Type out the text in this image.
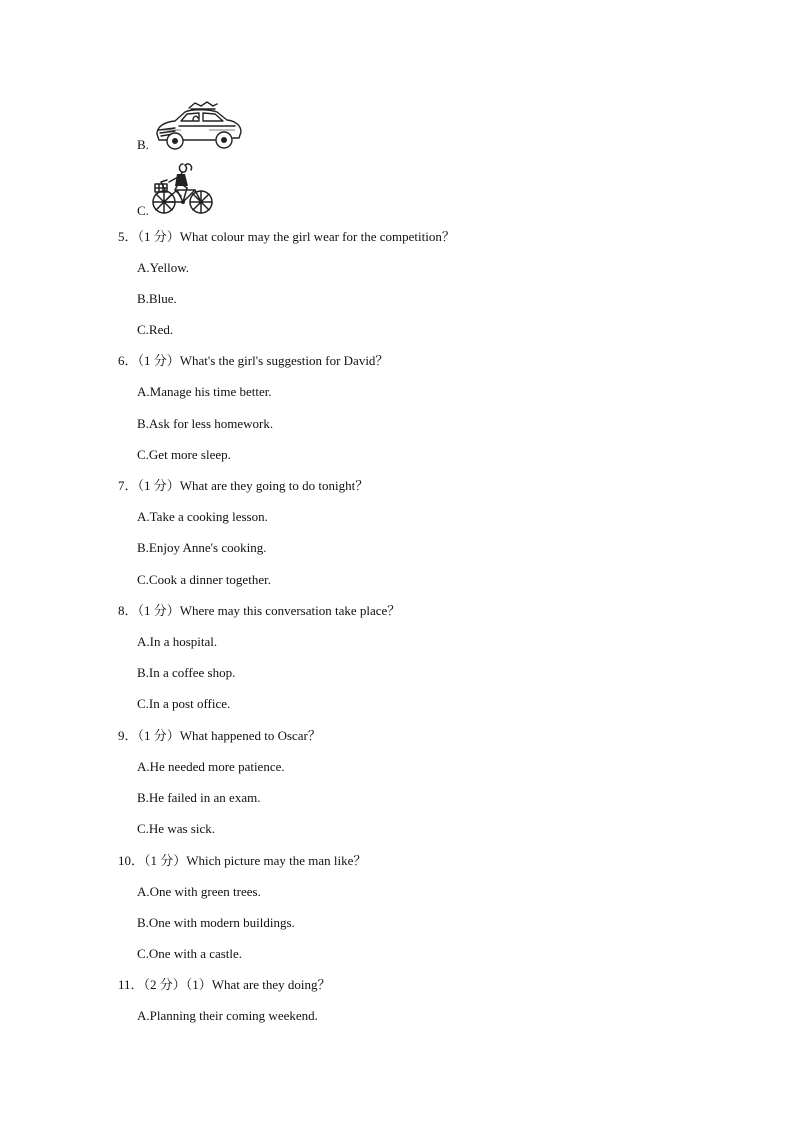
B.
C.
5．（1 分）What colour may the girl wear for the competition？
A.Yellow.
B.Blue.
C.Red.
6．（1 分）What's the girl's suggestion for David？
A.Manage his time better.
B.Ask for less homework.
C.Get more sleep.
7．（1 分）What are they going to do tonight？
A.Take a cooking lesson.
B.Enjoy Anne's cooking.
C.Cook a dinner together.
8．（1 分）Where may this conversation take place？
A.In a hospital.
B.In a coffee shop.
C.In a post office.
9．（1 分）What happened to Oscar？
A.He needed more patience.
B.He failed in an exam.
C.He was sick.
10．（1 分）Which picture may the man like？
A.One with green trees.
B.One with modern buildings.
C.One with a castle.
11．（2 分）（1）What are they doing？
A.Planning their coming weekend.
